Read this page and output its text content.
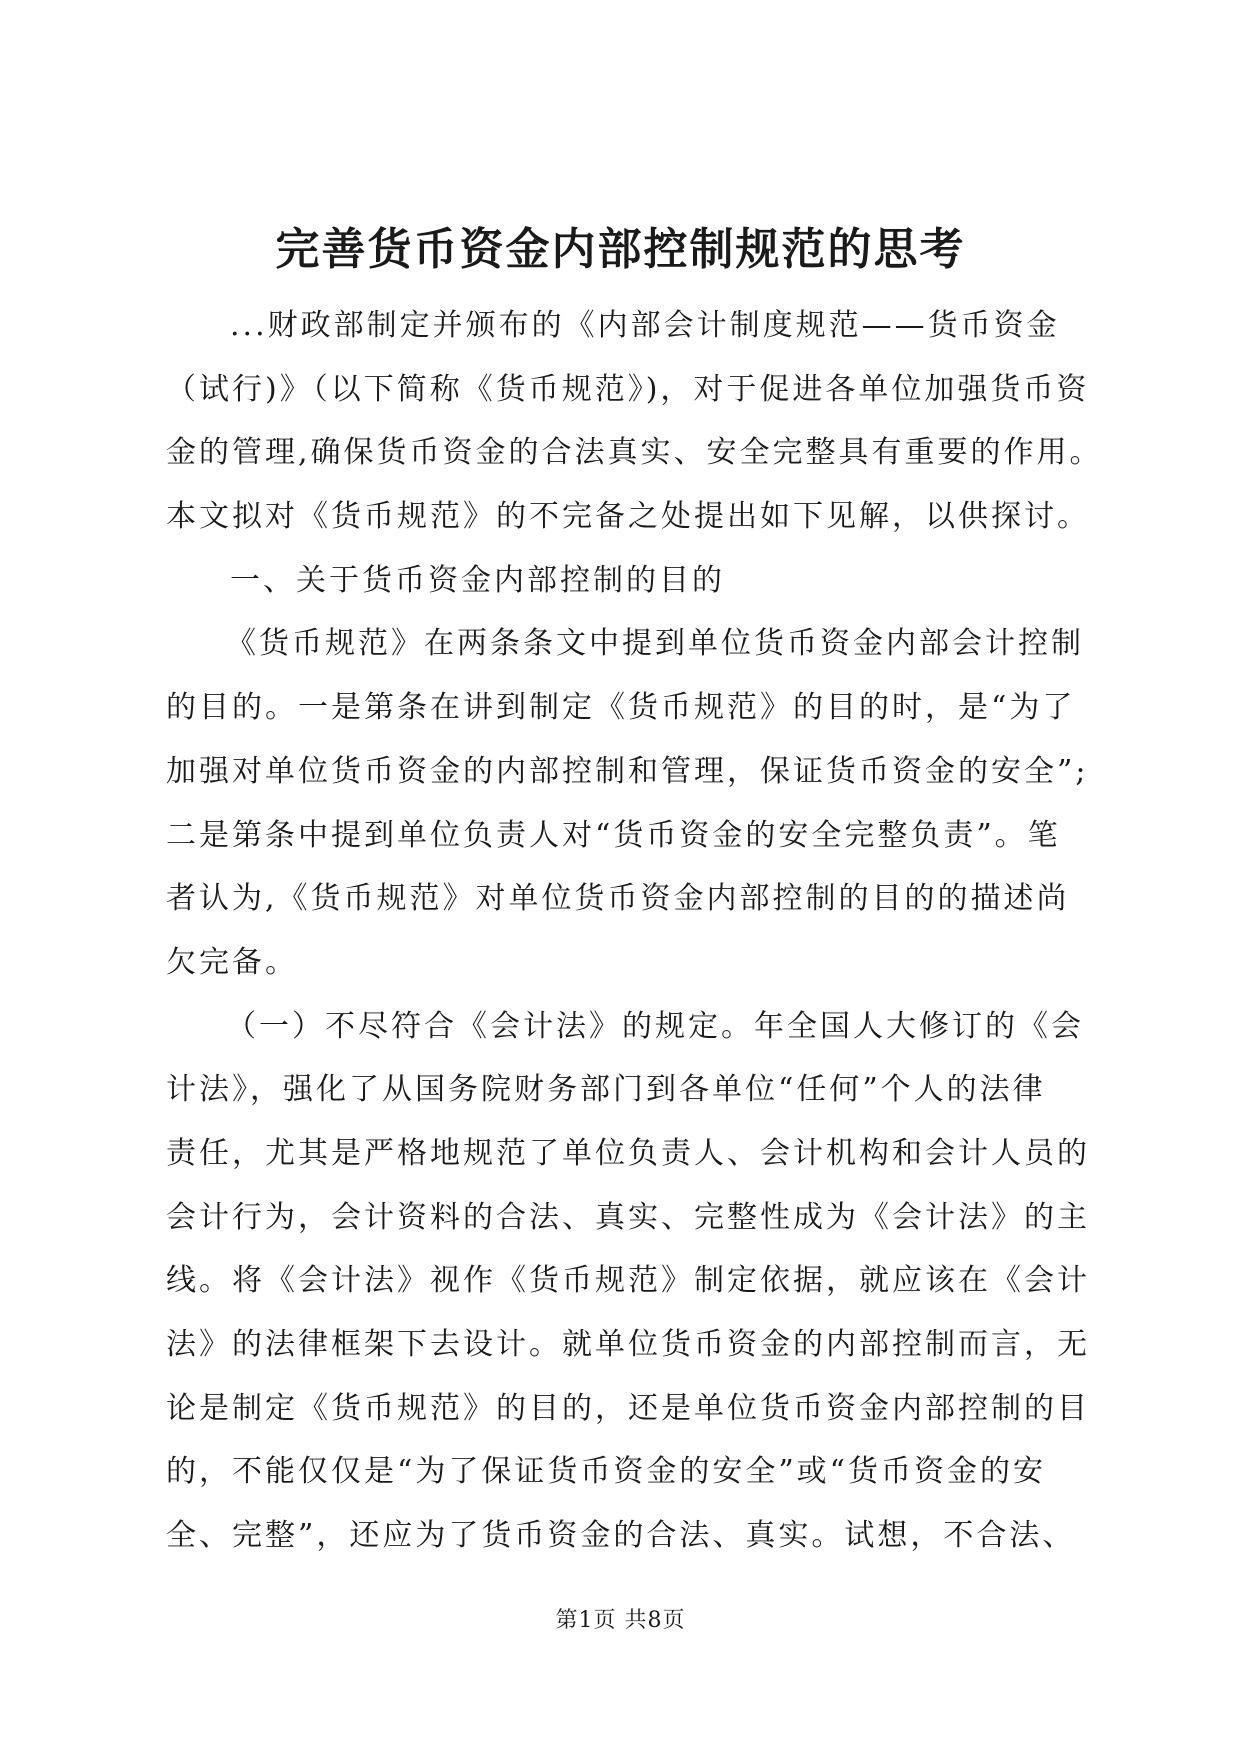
完善货币资金内部控制规范的思考
...财政部制定并颁布的《内部会计制度规范——货币资金
（试行)》（以下简称《货币规范》)，对于促进各单位加强货币资
金的管理,确保货币资金的合法真实、安全完整具有重要的作用。
本文拟对《货币规范》的不完备之处提出如下见解，以供探讨。
一、关于货币资金内部控制的目的
《货币规范》在两条条文中提到单位货币资金内部会计控制
的目的。一是第条在讲到制定《货币规范》的目的时，是“为了
加强对单位货币资金的内部控制和管理，保证货币资金的安全”;
二是第条中提到单位负责人对“货币资金的安全完整负责”。笔
者认为,《货币规范》对单位货币资金内部控制的目的的描述尚
欠完备。
（一）不尽符合《会计法》的规定。年全国人大修订的《会
计法》，强化了从国务院财务部门到各单位“任何”个人的法律
责任，尤其是严格地规范了单位负责人、会计机构和会计人员的
会计行为，会计资料的合法、真实、完整性成为《会计法》的主
线。将《会计法》视作《货币规范》制定依据，就应该在《会计
法》的法律框架下去设计。就单位货币资金的内部控制而言，无
论是制定《货币规范》的目的，还是单位货币资金内部控制的目
的，不能仅仅是“为了保证货币资金的安全”或“货币资金的安
全、完整”，还应为了货币资金的合法、真实。试想，不合法、
第1页 共8页
